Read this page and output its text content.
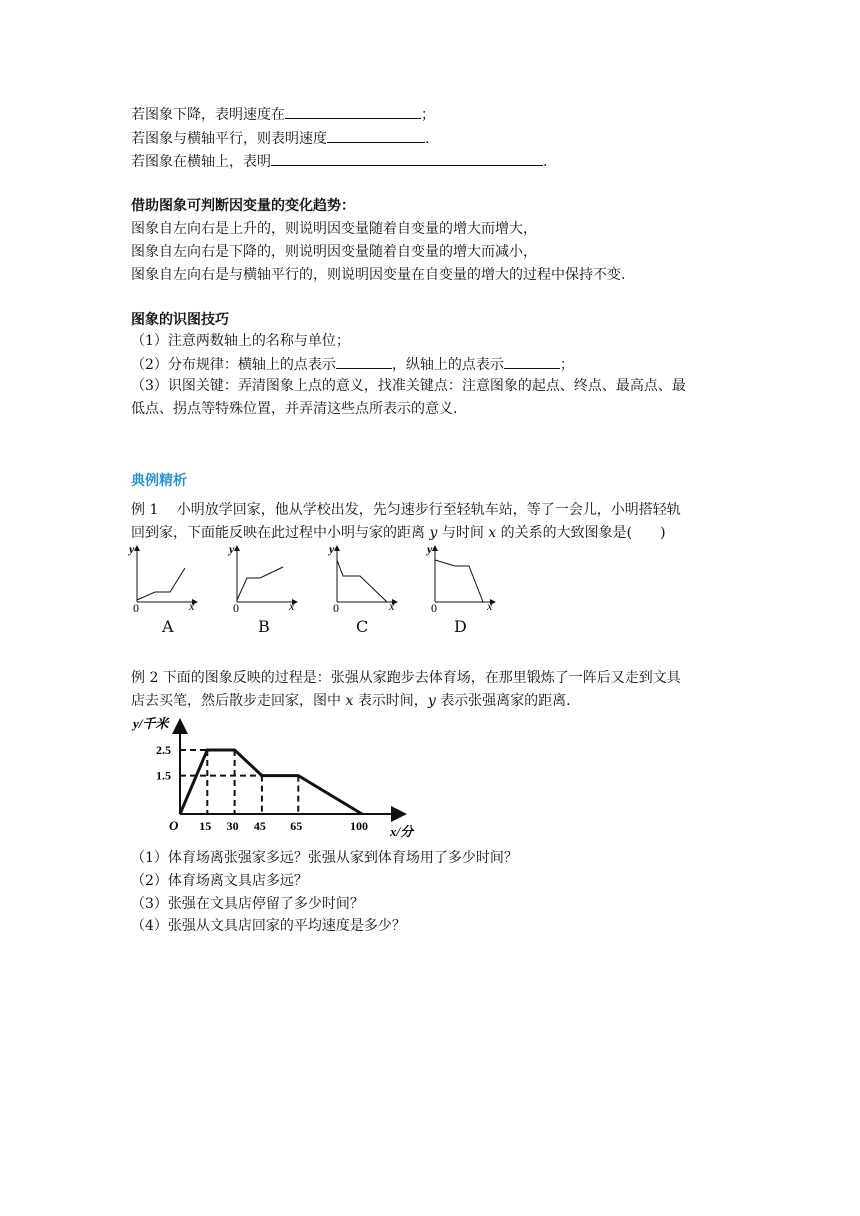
若图象下降，表明速度在	；
若图象与横轴平行，则表明速度	.
若图象在横轴上，表明	.
借助图象可判断因变量的变化趋势：
图象自左向右是上升的，则说明因变量随着自变量的增大而增大，
图象自左向右是下降的，则说明因变量随着自变量的增大而减小，
图象自左向右是与横轴平行的，则说明因变量在自变量的增大的过程中保持不变.
图象的识图技巧
（1）注意两数轴上的名称与单位；
（2）分布规律：横轴上的点表示	，纵轴上的点表示	；
（3）识图关键：弄清图象上点的意义，找准关键点：注意图象的起点、终点、最高点、最
低点、拐点等特殊位置，并弄清这些点所表示的意义.
典例精析
例 1　 小明放学回家，他从学校出发，先匀速步行至轻轨车站，等了一会儿，小明搭轻轨
回到家，下面能反映在此过程中小明与家的距离 y 与时间 x 的关系的大致图象是(　　)
y
x
0
y
x
0
y
x
0
y
x
0
A	B	C	D
例 2 下面的图象反映的过程是：张强从家跑步去体育场，在那里锻炼了一阵后又走到文具
店去买笔，然后散步走回家，图中 x 表示时间，y 表示张强离家的距离.
y/千米
x/分
O
2.5
1.5
15 30 45 65	100
（1）体育场离张强家多远？张强从家到体育场用了多少时间？
（2）体育场离文具店多远？
（3）张强在文具店停留了多少时间？
（4）张强从文具店回家的平均速度是多少？
